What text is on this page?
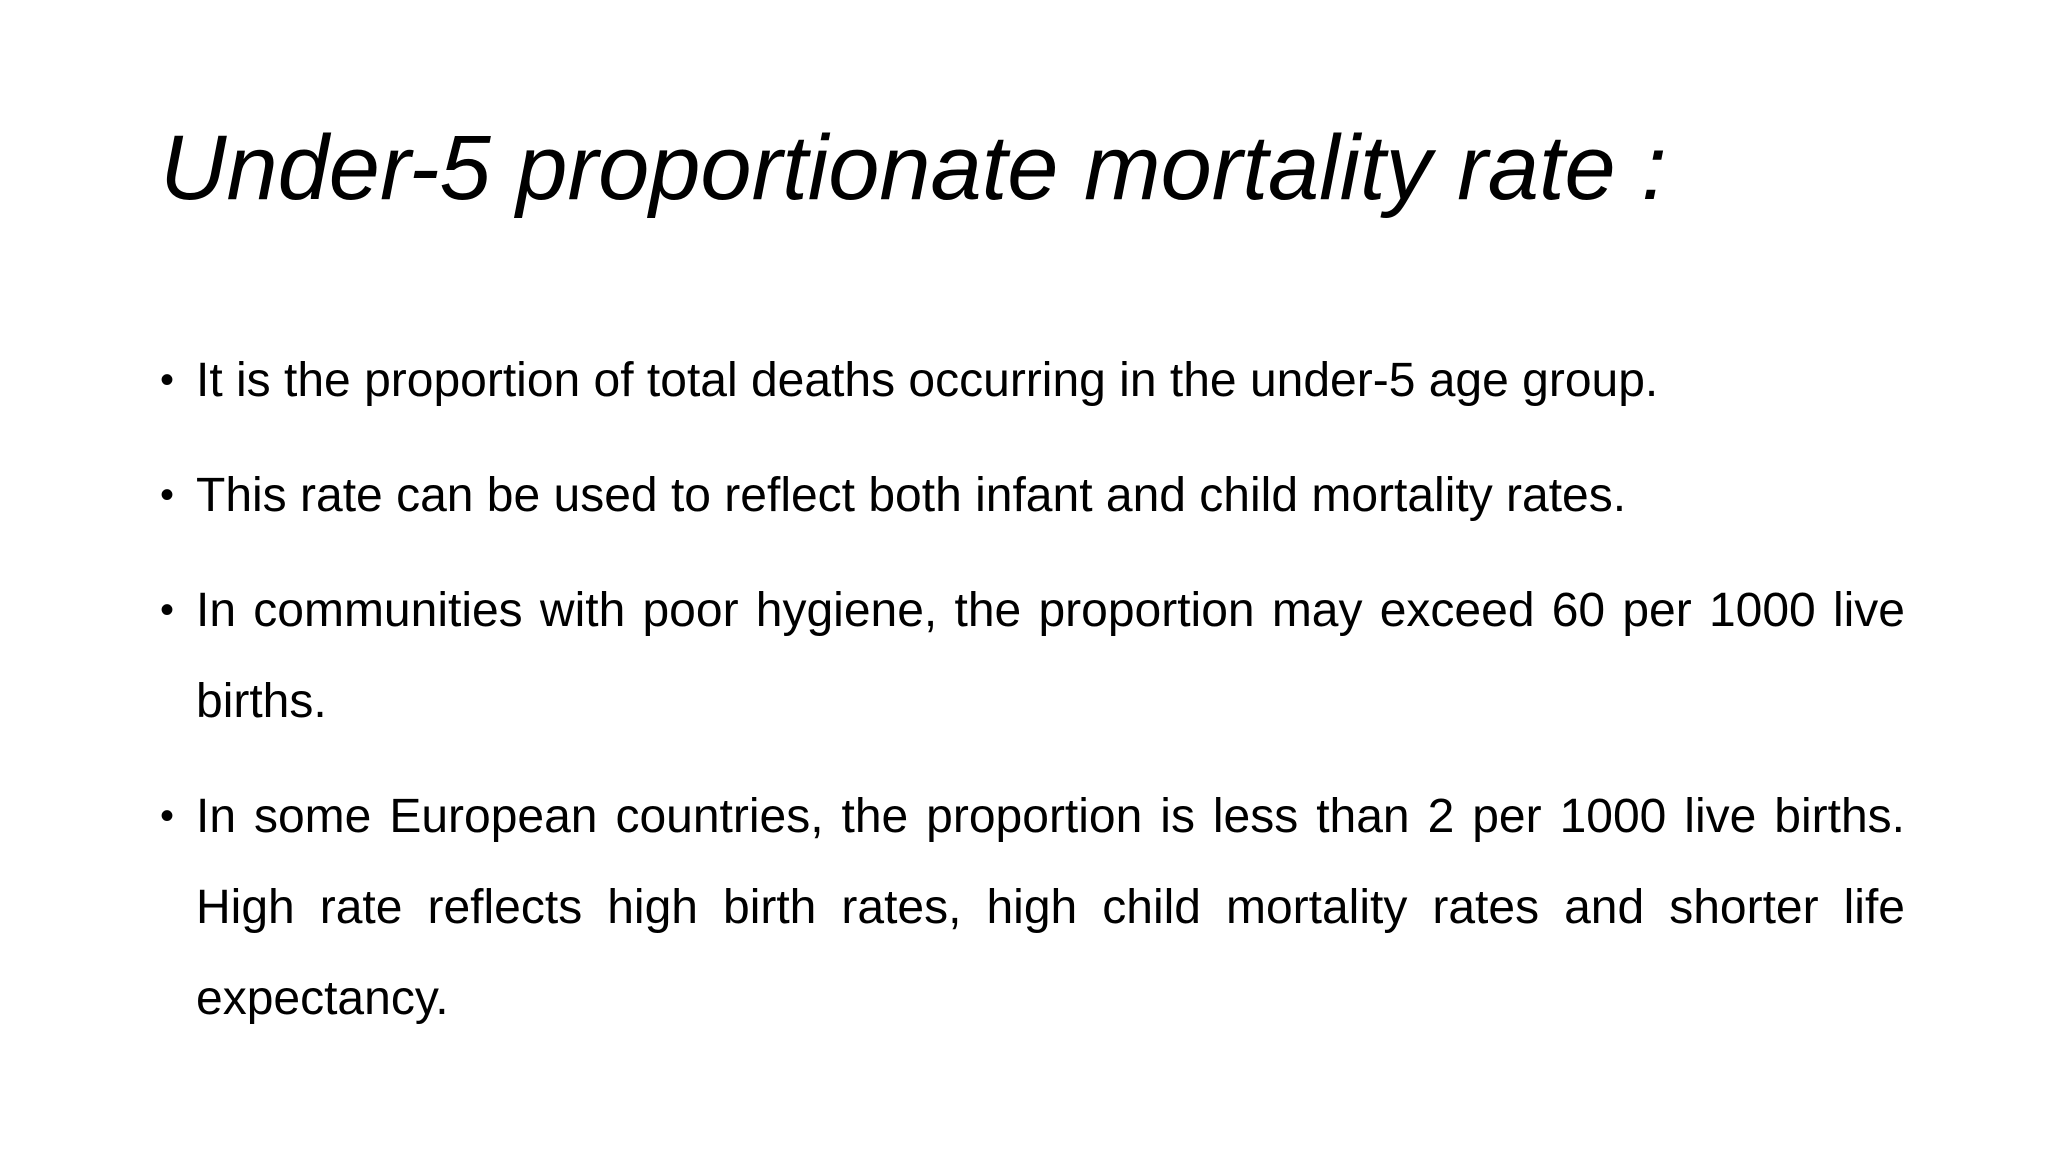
Under-5 proportionate mortality rate :
• It is the proportion of total deaths occurring in the under-5 age group.
• This rate can be used to reflect both infant and child mortality rates.
• In communities with poor hygiene, the proportion may exceed 60 per 1000 live births.
• In some European countries, the proportion is less than 2 per 1000 live births. High rate reflects high birth rates, high child mortality rates and shorter life expectancy.
